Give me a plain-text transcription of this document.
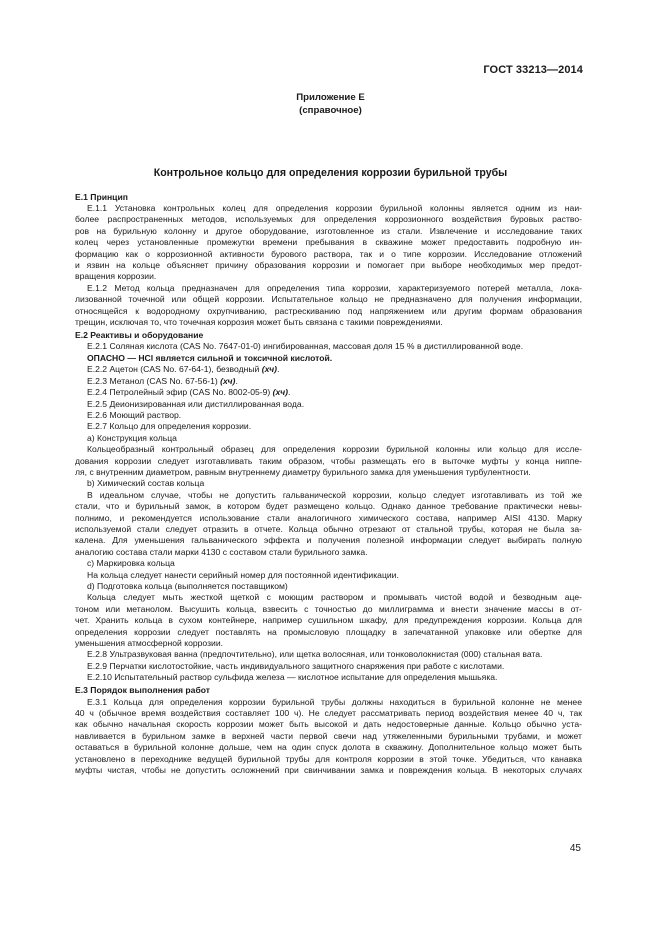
ГОСТ 33213—2014
Приложение Е
(справочное)
Контрольное кольцо для определения коррозии бурильной трубы
Е.1 Принцип
Е.1.1 Установка контрольных колец для определения коррозии бурильной колонны является одним из наи-
более распространенных методов, используемых для определения коррозионного воздействия буровых раство-
ров на бурильную колонну и другое оборудование, изготовленное из стали. Извлечение и исследование таких
колец через установленные промежутки времени пребывания в скважине может предоставить подробную ин-
формацию как о коррозионной активности бурового раствора, так и о типе коррозии. Исследование отложений
и язвин на кольце объясняет причину образования коррозии и помогает при выборе необходимых мер предот-
вращения коррозии.
Е.1.2 Метод кольца предназначен для определения типа коррозии, характеризуемого потерей металла, лока-
лизованной точечной или общей коррозии. Испытательное кольцо не предназначено для получения информации,
относящейся к водородному охрупчиванию, растрескиванию под напряжением или другим формам образования
трещин, исключая то, что точечная коррозия может быть связана с такими повреждениями.
Е.2 Реактивы и оборудование
Е.2.1 Соляная кислота (CAS No. 7647-01-0) ингибированная, массовая доля 15 % в дистиллированной воде.
ОПАСНО — HCl является сильной и токсичной кислотой.
Е.2.2 Ацетон (CAS No. 67-64-1), безводный (хч).
Е.2.3 Метанол (CAS No. 67-56-1) (хч).
Е.2.4 Петролейный эфир (CAS No. 8002-05-9) (хч).
Е.2.5 Деионизированная или дистиллированная вода.
Е.2.6 Моющий раствор.
Е.2.7 Кольцо для определения коррозии.
а) Конструкция кольца
Кольцеобразный контрольный образец для определения коррозии бурильной колонны или кольцо для иссле-
дования коррозии следует изготавливать таким образом, чтобы размещать его в выточке муфты у конца ниппе-
ля, с внутренним диаметром, равным внутреннему диаметру бурильного замка для уменьшения турбулентности.
b) Химический состав кольца
В идеальном случае, чтобы не допустить гальванической коррозии, кольцо следует изготавливать из той же
стали, что и бурильный замок, в котором будет размещено кольцо. Однако данное требование практически невы-
полнимо, и рекомендуется использование стали аналогичного химического состава, например AISI 4130. Марку
используемой стали следует отразить в отчете. Кольца обычно отрезают от стальной трубы, которая не была за-
калена. Для уменьшения гальванического эффекта и получения полезной информации следует выбирать полную
аналогию состава стали марки 4130 с составом стали бурильного замка.
с) Маркировка кольца
На кольца следует нанести серийный номер для постоянной идентификации.
d) Подготовка кольца (выполняется поставщиком)
Кольца следует мыть жесткой щеткой с моющим раствором и промывать чистой водой и безводным аце-
тоном или метанолом. Высушить кольца, взвесить с точностью до миллиграмма и внести значение массы в от-
чет. Хранить кольца в сухом контейнере, например сушильном шкафу, для предупреждения коррозии. Кольца для
определения коррозии следует поставлять на промысловую площадку в запечатанной упаковке или обертке для
уменьшения атмосферной коррозии.
Е.2.8 Ультразвуковая ванна (предпочтительно), или щетка волосяная, или тонковолокнистая (000) стальная вата.
Е.2.9 Перчатки кислотостойкие, часть индивидуального защитного снаряжения при работе с кислотами.
Е.2.10 Испытательный раствор сульфида железа — кислотное испытание для определения мышьяка.
Е.3 Порядок выполнения работ
Е.3.1 Кольца для определения коррозии бурильной трубы должны находиться в бурильной колонне не менее
40 ч (обычное время воздействия составляет 100 ч). Не следует рассматривать период воздействия менее 40 ч, так
как обычно начальная скорость коррозии может быть высокой и дать недостоверные данные. Кольцо обычно уста-
навливается в бурильном замке в верхней части первой свечи над утяжеленными бурильными трубами, и может
оставаться в бурильной колонне дольше, чем на один спуск долота в скважину. Дополнительное кольцо может быть
установлено в переходнике ведущей бурильной трубы для контроля коррозии в этой точке. Убедиться, что канавка
муфты чистая, чтобы не допустить осложнений при свинчивании замка и повреждения кольца. В некоторых случаях
45
